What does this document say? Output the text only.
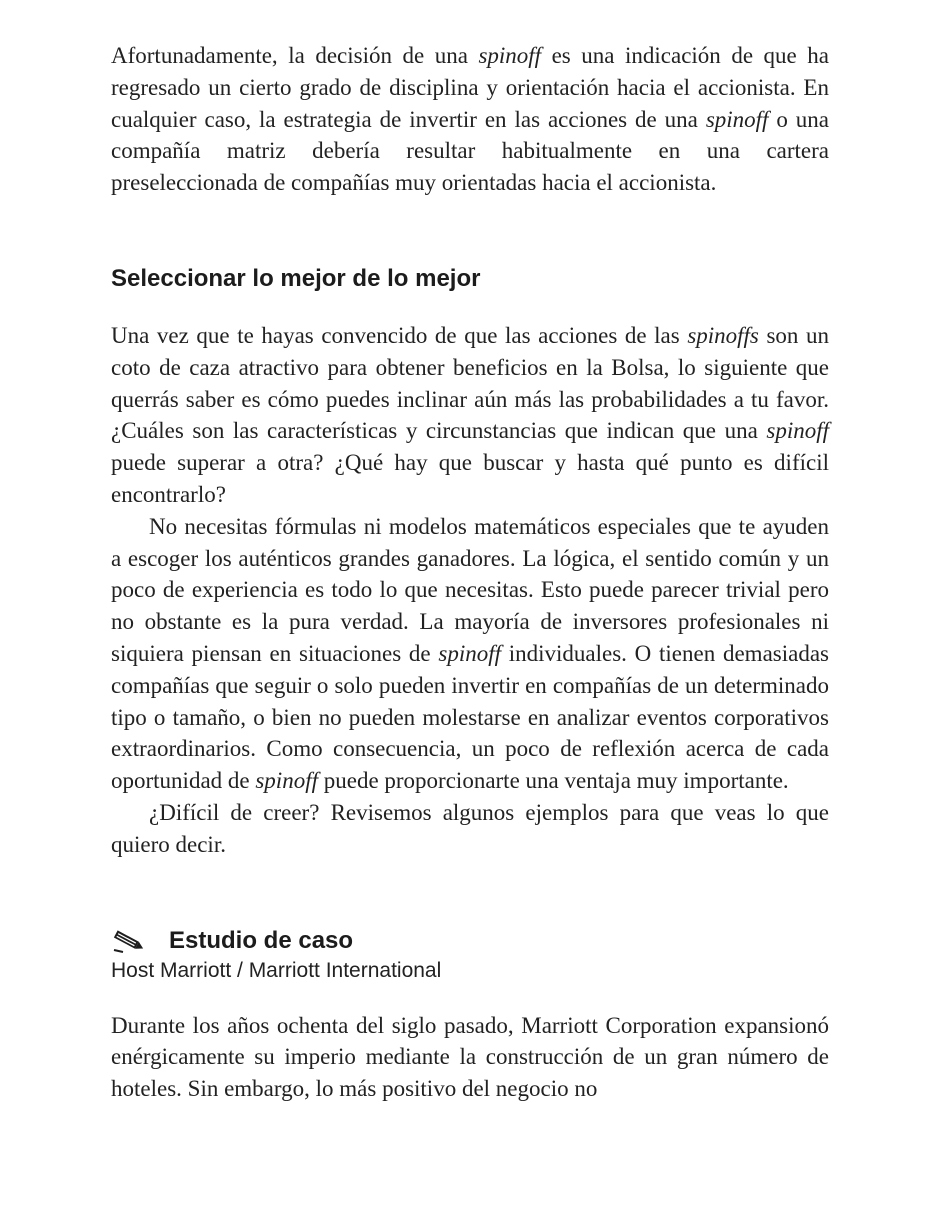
Afortunadamente, la decisión de una spinoff es una indicación de que ha regresado un cierto grado de disciplina y orientación hacia el accionista. En cualquier caso, la estrategia de invertir en las acciones de una spinoff o una compañía matriz debería resultar habitualmente en una cartera preseleccionada de compañías muy orientadas hacia el accionista.

Seleccionar lo mejor de lo mejor

Una vez que te hayas convencido de que las acciones de las spinoffs son un coto de caza atractivo para obtener beneficios en la Bolsa, lo siguiente que querrás saber es cómo puedes inclinar aún más las probabilidades a tu favor. ¿Cuáles son las características y circunstancias que indican que una spinoff puede superar a otra? ¿Qué hay que buscar y hasta qué punto es difícil encontrarlo?

No necesitas fórmulas ni modelos matemáticos especiales que te ayuden a escoger los auténticos grandes ganadores. La lógica, el sentido común y un poco de experiencia es todo lo que necesitas. Esto puede parecer trivial pero no obstante es la pura verdad. La mayoría de inversores profesionales ni siquiera piensan en situaciones de spinoff individuales. O tienen demasiadas compañías que seguir o solo pueden invertir en compañías de un determinado tipo o tamaño, o bien no pueden molestarse en analizar eventos corporativos extraordinarios. Como consecuencia, un poco de reflexión acerca de cada oportunidad de spinoff puede proporcionarte una ventaja muy importante.

¿Difícil de creer? Revisemos algunos ejemplos para que veas lo que quiero decir.

Estudio de caso

Host Marriott / Marriott International

Durante los años ochenta del siglo pasado, Marriott Corporation expansionó enérgicamente su imperio mediante la construcción de un gran número de hoteles. Sin embargo, lo más positivo del negocio no
